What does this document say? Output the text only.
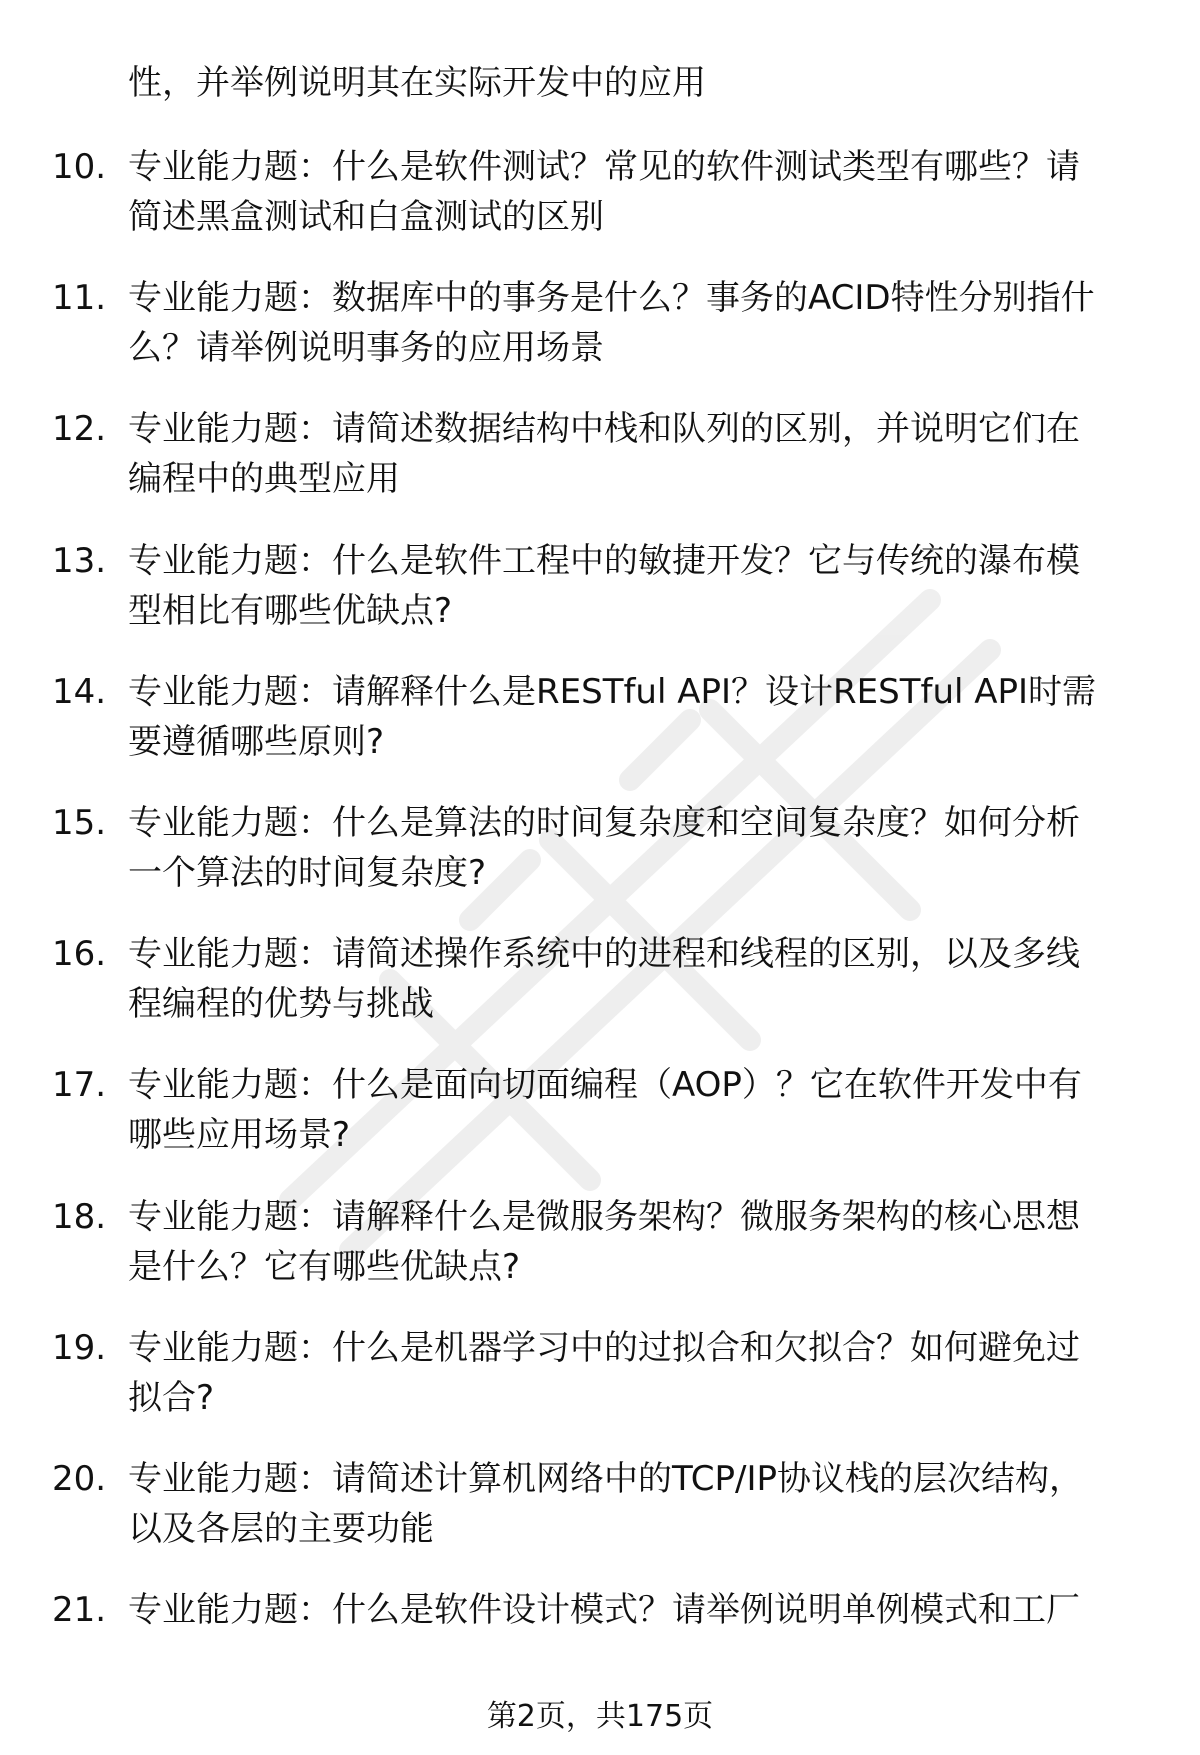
性，并举例说明其在实际开发中的应用
10. 专业能力题：什么是软件测试？常见的软件测试类型有哪些？请
简述黑盒测试和白盒测试的区别
11. 专业能力题：数据库中的事务是什么？事务的ACID特性分别指什
么？请举例说明事务的应用场景
12. 专业能力题：请简述数据结构中栈和队列的区别，并说明它们在
编程中的典型应用
13. 专业能力题：什么是软件工程中的敏捷开发？它与传统的瀑布模
型相比有哪些优缺点?
14. 专业能力题：请解释什么是RESTful API？设计RESTful API时需
要遵循哪些原则?
15. 专业能力题：什么是算法的时间复杂度和空间复杂度？如何分析
一个算法的时间复杂度?
16. 专业能力题：请简述操作系统中的进程和线程的区别，以及多线
程编程的优势与挑战
17. 专业能力题：什么是面向切面编程（AOP）？它在软件开发中有
哪些应用场景?
18. 专业能力题：请解释什么是微服务架构？微服务架构的核心思想
是什么？它有哪些优缺点?
19. 专业能力题：什么是机器学习中的过拟合和欠拟合？如何避免过
拟合?
20. 专业能力题：请简述计算机网络中的TCP/IP协议栈的层次结构，
以及各层的主要功能
21. 专业能力题：什么是软件设计模式？请举例说明单例模式和工厂
第2页，共175页
